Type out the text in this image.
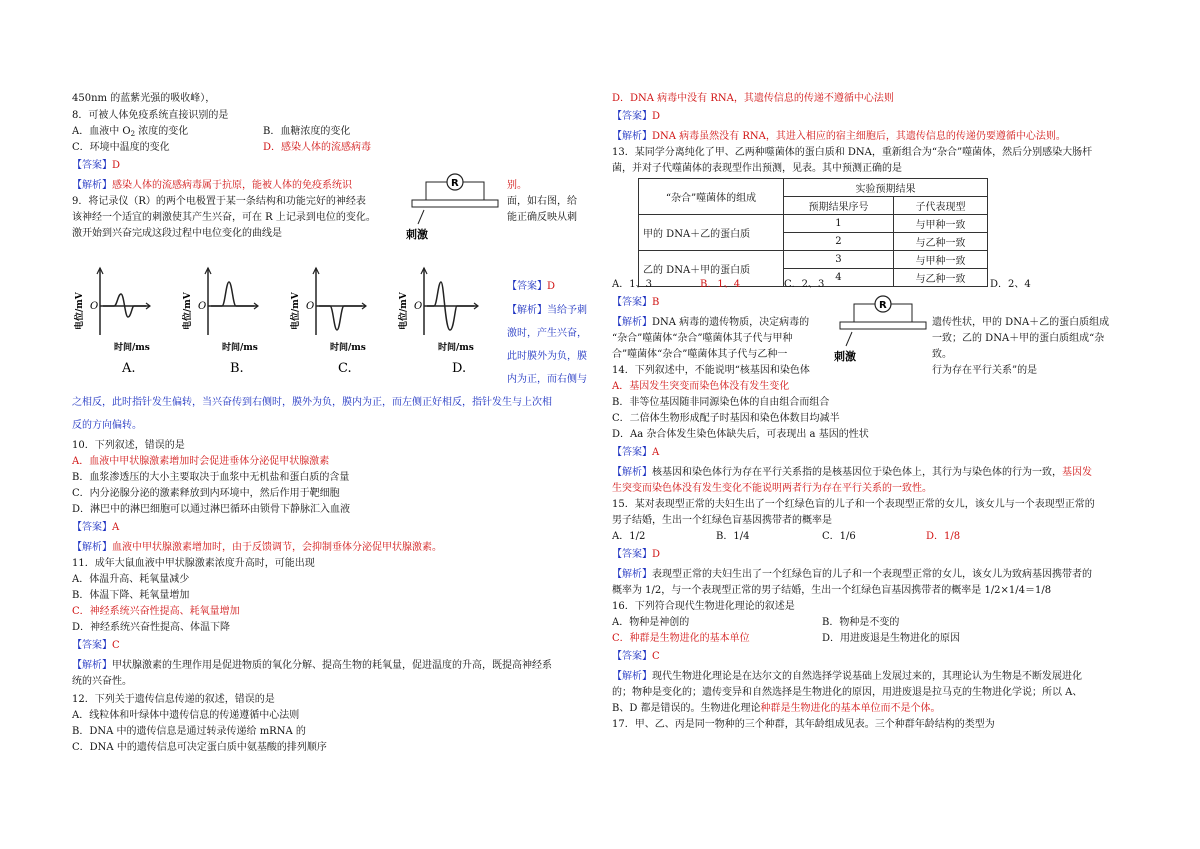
450nm 的蓝紫光强的吸收峰），
8．可被人体免疫系统直接识别的是
A．血液中 $O_2$ 浓度的变化	B．血糖浓度的变化
C．环境中温度的变化	D．感染人体的流感病毒
【答案】D
【解析】感染人体的流感病毒属于抗原，能被人体的免疫系统识	别。
R
刺激
9．将记录仪（R）的两个电极置于某一条结构和功能完好的神经表	面，如右图，给
该神经一个适宜的刺激使其产生兴奋，可在 R 上记录到电位的变化。	能正确反映从刺
激开始到兴奋完成这段过程中电位变化的曲线是
电位/mV O
时间/ms
A.
电位/mV O
时间/ms
B.
电位/mV O
时间/ms
C.
电位/mV O
时间/ms
D.
【答案】D
【解析】当给予刺
激时，产生兴奋，
此时膜外为负，膜
内为正，而右侧与
之相反，此时指针发生偏转，当兴奋传到右侧时，膜外为负，膜内为正，而左侧正好相反，指针发生与上次相
反的方向偏转。
10．下列叙述，错误的是
A．血液中甲状腺激素增加时会促进垂体分泌促甲状腺激素
B．血浆渗透压的大小主要取决于血浆中无机盐和蛋白质的含量
C．内分泌腺分泌的激素释放到内环境中，然后作用于靶细胞
D．淋巴中的淋巴细胞可以通过淋巴循环由锁骨下静脉汇入血液
【答案】A
【解析】血液中甲状腺激素增加时，由于反馈调节，会抑制垂体分泌促甲状腺激素。
11．成年大鼠血液中甲状腺激素浓度升高时，可能出现
A．体温升高、耗氧量减少
B．体温下降、耗氧量增加
C．神经系统兴奋性提高、耗氧量增加
D．神经系统兴奋性提高、体温下降
【答案】C
【解析】甲状腺激素的生理作用是促进物质的氧化分解、提高生物的耗氧量，促进温度的升高，既提高神经系
统的兴奋性。
12．下列关于遗传信息传递的叙述，错误的是
A．线粒体和叶绿体中遗传信息的传递遵循中心法则
B．DNA 中的遗传信息是通过转录传递给 mRNA 的
C．DNA 中的遗传信息可决定蛋白质中氨基酸的排列顺序
D．DNA 病毒中没有 RNA，其遗传信息的传递不遵循中心法则
【答案】D
【解析】DNA 病毒虽然没有 RNA，其进入相应的宿主细胞后，其遗传信息的传递仍要遵循中心法则。
13．某同学分离纯化了甲、乙两种噬菌体的蛋白质和 DNA，重新组合为“杂合”噬菌体，然后分别感染大肠杆
菌，并对子代噬菌体的表现型作出预测，见表。其中预测正确的是
“杂合”噬菌体的组成	实验预期结果	
	预期结果序号	子代表现型
甲的 DNA＋乙的蛋白质	1	与甲种一致
	2	与乙种一致
乙的 DNA＋甲的蛋白质	3	与甲种一致
	4	与乙种一致
A．1、3	B．1、4	C．2、3	D．2、4
【答案】B	R
刺激
【解析】DNA 病毒的遗传物质，决定病毒的	遗传性状，甲的 DNA＋乙的蛋白质组成
“杂合”噬菌体“杂合”噬菌体其子代与甲种	一致；乙的 DNA＋甲的蛋白质组成“杂
合”噬菌体“杂合”噬菌体其子代与乙种一	致。
14．下列叙述中，不能说明“核基因和染色体	行为存在平行关系”的是
A．基因发生突变而染色体没有发生变化
B．非等位基因随非同源染色体的自由组合而组合
C．二倍体生物形成配子时基因和染色体数目均减半
D．Aa 杂合体发生染色体缺失后，可表现出 a 基因的性状
【答案】A
【解析】核基因和染色体行为存在平行关系指的是核基因位于染色体上，其行为与染色体的行为一致，基因发
生突变而染色体没有发生变化不能说明两者行为存在平行关系的一致性。
15．某对表现型正常的夫妇生出了一个红绿色盲的儿子和一个表现型正常的女儿，该女儿与一个表现型正常的
男子结婚，生出一个红绿色盲基因携带者的概率是
A．1/2	B．1/4	C．1/6	D．1/8
【答案】D
【解析】表现型正常的夫妇生出了一个红绿色盲的儿子和一个表现型正常的女儿，该女儿为致病基因携带者的
概率为 1/2，与一个表现型正常的男子结婚，生出一个红绿色盲基因携带者的概率是 1/2×1/4＝1/8
16．下列符合现代生物进化理论的叙述是
A．物种是神创的	B．物种是不变的
C．种群是生物进化的基本单位	D．用进废退是生物进化的原因
【答案】C
【解析】现代生物进化理论是在达尔文的自然选择学说基础上发展过来的，其理论认为生物是不断发展进化
的；物种是变化的；遗传变异和自然选择是生物进化的原因，用进废退是拉马克的生物进化学说；所以 A、
B、D 都是错误的。生物进化理论种群是生物进化的基本单位而不是个体。
17．甲、乙、丙是同一物种的三个种群，其年龄组成见表。三个种群年龄结构的类型为
